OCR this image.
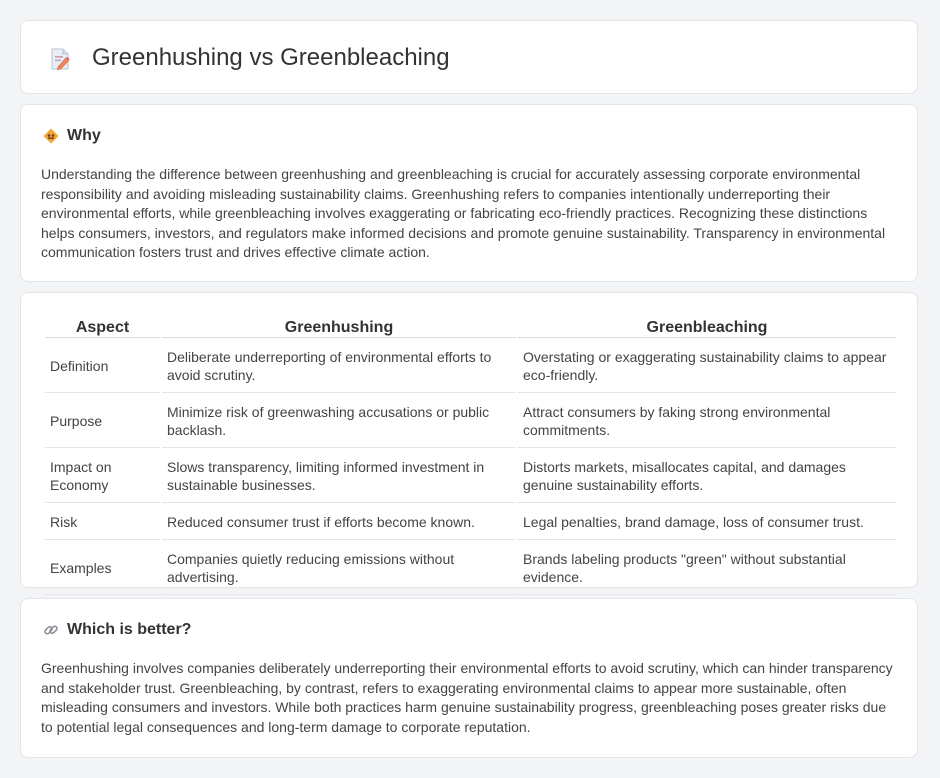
Greenhushing vs Greenbleaching
Why

Understanding the difference between greenhushing and greenbleaching is crucial for accurately assessing corporate environmental responsibility and avoiding misleading sustainability claims. Greenhushing refers to companies intentionally underreporting their environmental efforts, while greenbleaching involves exaggerating or fabricating eco-friendly practices. Recognizing these distinctions helps consumers, investors, and regulators make informed decisions and promote genuine sustainability. Transparency in environmental communication fosters trust and drives effective climate action.

Aspect	Greenhushing	Greenbleaching
Definition	Deliberate underreporting of environmental efforts to avoid scrutiny.	Overstating or exaggerating sustainability claims to appear eco-friendly.
Purpose	Minimize risk of greenwashing accusations or public backlash.	Attract consumers by faking strong environmental commitments.
Impact on Economy	Slows transparency, limiting informed investment in sustainable businesses.	Distorts markets, misallocates capital, and damages genuine sustainability efforts.
Risk	Reduced consumer trust if efforts become known.	Legal penalties, brand damage, loss of consumer trust.
Examples	Companies quietly reducing emissions without advertising.	Brands labeling products "green" without substantial evidence.
Which is better?

Greenhushing involves companies deliberately underreporting their environmental efforts to avoid scrutiny, which can hinder transparency and stakeholder trust. Greenbleaching, by contrast, refers to exaggerating environmental claims to appear more sustainable, often misleading consumers and investors. While both practices harm genuine sustainability progress, greenbleaching poses greater risks due to potential legal consequences and long-term damage to corporate reputation.
